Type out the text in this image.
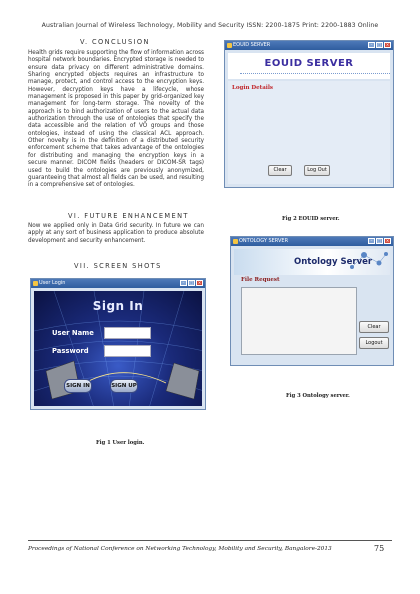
Australian Journal of Wireless Technology, Mobility and Security ISSN: 2200-1875 Print: 2200-1883 Online
V. CONCLUSION
Health grids require supporting the flow of information across hospital network boundaries. Encrypted storage is needed to ensure data privacy on different administrative domains. Sharing encrypted objects requires an infrastructure to manage, protect, and control access to the encryption keys. However, decryption keys have a lifecycle, whose management is proposed in this paper by grid-organized key management for long-term storage. The novelty of the approach is to bind authorization of users to the actual data authorization through the use of ontologies that specify the data accessible and the relation of VO groups and those ontologies, instead of using the classical ACL approach. Other novelty is in the definition of a distributed security enforcement scheme that takes advantage of the ontologies for distributing and managing the encryption keys in a secure manner. DICOM fields (headers or DICOM-SR tags) used to build the ontologies are previously anonymized, guaranteeing that almost all fields can be used, and resulting in a comprehensive set of ontologies.
VI. FUTURE ENHANCEMENT
Now we applied only in Data Grid security. In future we can apply at any sort of business application to produce absolute development and security enhancement.
VII. SCREEN SHOTS
User Login	–	□	×
Sign In
User Name
Password
SIGN IN	SIGN UP
Fig 1 User login.
EOUID SERVER	–	□	×
EOUID SERVER
Login Details
Clear	Log Out
Fig 2 EOUID server.
ONTOLOGY SERVER	–	□	×
Ontology Server
File Request
Clear
Logout
Fig 3 Ontology server.
Proceedings of National Conference on Networking Technology, Mobility and Security, Bangalore-2013	75
